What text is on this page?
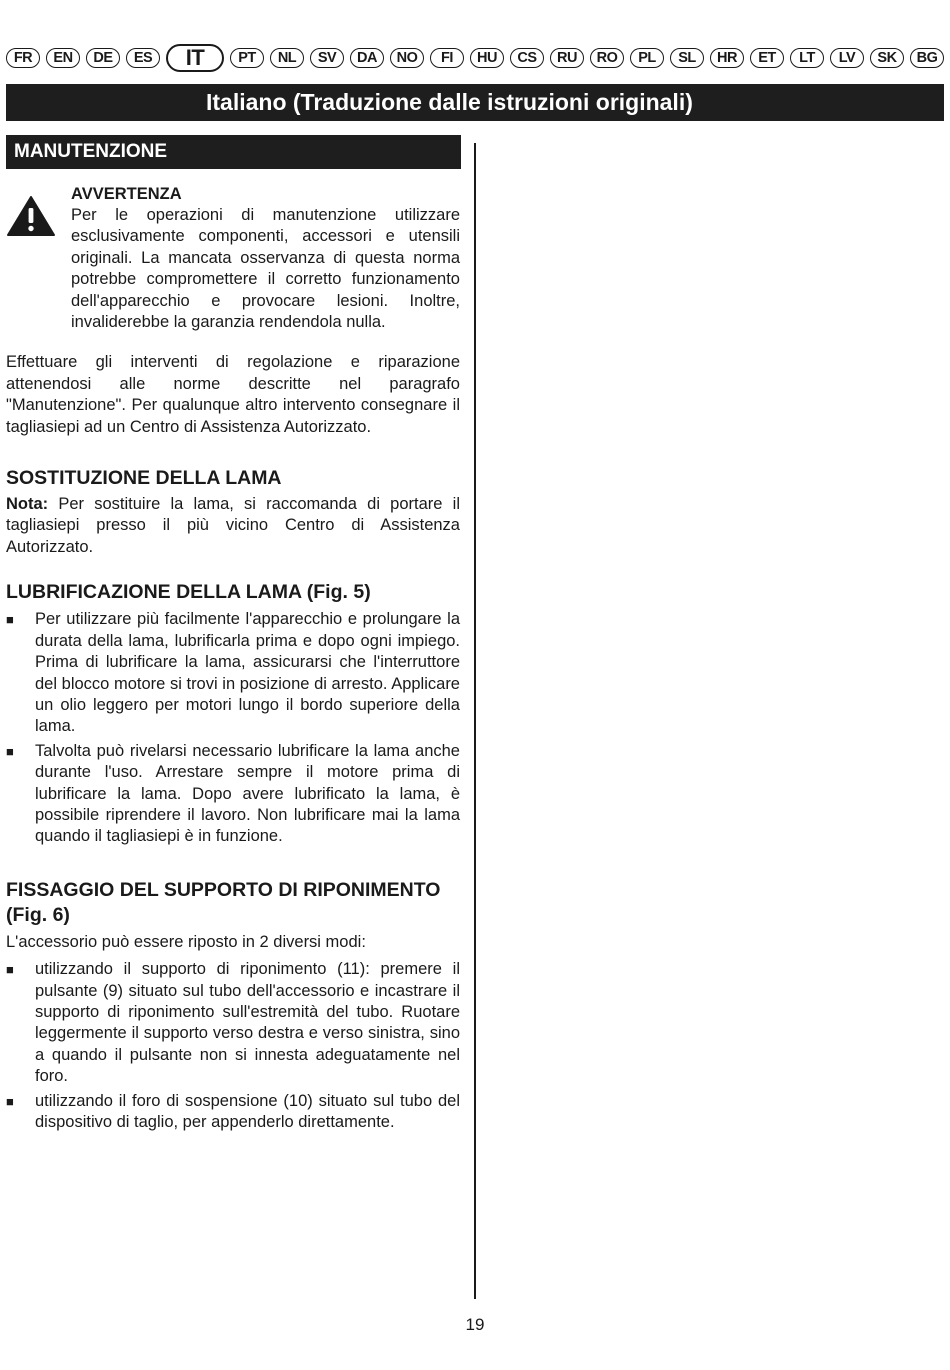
FR	EN	DE	ES	IT	PT	NL	SV	DA	NO	FI	HU	CS	RU	RO	PL	SL	HR	ET	LT	LV	SK	BG
Italiano (Traduzione dalle istruzioni originali)
MANUTENZIONE
AVVERTENZA

Per le operazioni di manutenzione utilizzare esclusivamente componenti, accessori e utensili originali. La mancata osservanza di questa norma potrebbe compromettere il corretto funzionamento dell'apparecchio e provocare lesioni. Inoltre, invaliderebbe la garanzia rendendola nulla.

Effettuare gli interventi di regolazione e riparazione attenendosi alle norme descritte nel paragrafo "Manutenzione". Per qualunque altro intervento consegnare il tagliasiepi ad un Centro di Assistenza Autorizzato.

SOSTITUZIONE DELLA LAMA

Nota: Per sostituire la lama, si raccomanda di portare il tagliasiepi presso il più vicino Centro di Assistenza Autorizzato.

LUBRIFICAZIONE DELLA LAMA (Fig. 5)
■ Per utilizzare più facilmente l'apparecchio e prolungare la durata della lama, lubrificarla prima e dopo ogni impiego. Prima di lubrificare la lama, assicurarsi che l'interruttore del blocco motore si trovi in posizione di arresto. Applicare un olio leggero per motori lungo il bordo superiore della lama.
■ Talvolta può rivelarsi necessario lubrificare la lama anche durante l'uso. Arrestare sempre il motore prima di lubrificare la lama. Dopo avere lubrificato la lama, è possibile riprendere il lavoro. Non lubrificare mai la lama quando il tagliasiepi è in funzione.
FISSAGGIO DEL SUPPORTO DI RIPONIMENTO (Fig. 6)

L'accessorio può essere riposto in 2 diversi modi:

■ utilizzando il supporto di riponimento (11): premere il pulsante (9) situato sul tubo dell'accessorio e incastrare il supporto di riponimento sull'estremità del tubo. Ruotare leggermente il supporto verso destra e verso sinistra, sino a quando il pulsante non si innesta adeguatamente nel foro.
■ utilizzando il foro di sospensione (10) situato sul tubo del dispositivo di taglio, per appenderlo direttamente.
19
